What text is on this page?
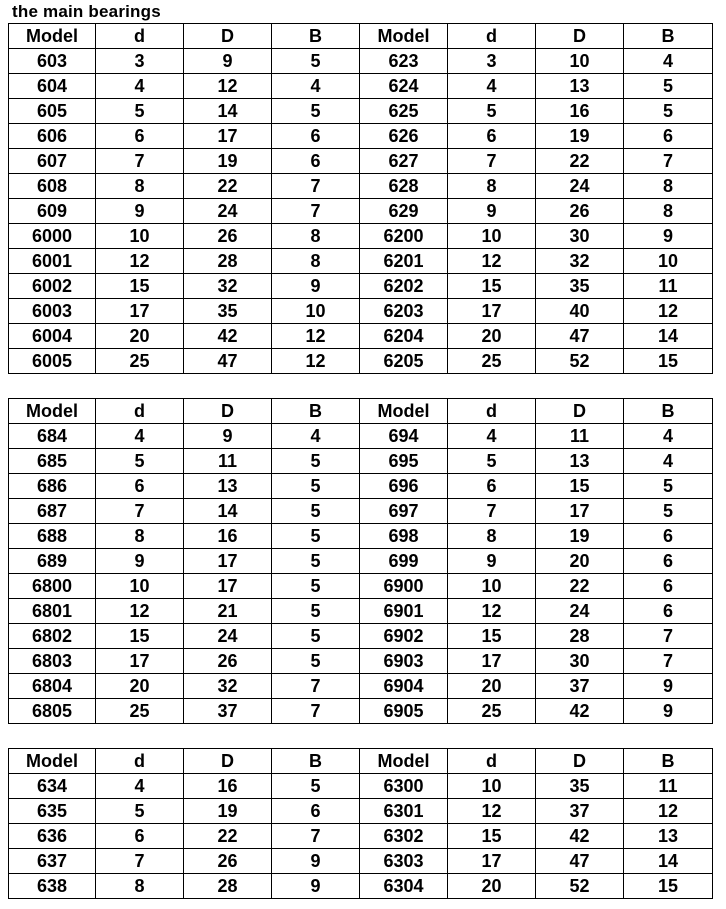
the main bearings
Model	d	D	B	Model	d	D	B
603	3	9	5	623	3	10	4
604	4	12	4	624	4	13	5
605	5	14	5	625	5	16	5
606	6	17	6	626	6	19	6
607	7	19	6	627	7	22	7
608	8	22	7	628	8	24	8
609	9	24	7	629	9	26	8
6000	10	26	8	6200	10	30	9
6001	12	28	8	6201	12	32	10
6002	15	32	9	6202	15	35	11
6003	17	35	10	6203	17	40	12
6004	20	42	12	6204	20	47	14
6005	25	47	12	6205	25	52	15
Model	d	D	B	Model	d	D	B
684	4	9	4	694	4	11	4
685	5	11	5	695	5	13	4
686	6	13	5	696	6	15	5
687	7	14	5	697	7	17	5
688	8	16	5	698	8	19	6
689	9	17	5	699	9	20	6
6800	10	17	5	6900	10	22	6
6801	12	21	5	6901	12	24	6
6802	15	24	5	6902	15	28	7
6803	17	26	5	6903	17	30	7
6804	20	32	7	6904	20	37	9
6805	25	37	7	6905	25	42	9
Model	d	D	B	Model	d	D	B
634	4	16	5	6300	10	35	11
635	5	19	6	6301	12	37	12
636	6	22	7	6302	15	42	13
637	7	26	9	6303	17	47	14
638	8	28	9	6304	20	52	15
